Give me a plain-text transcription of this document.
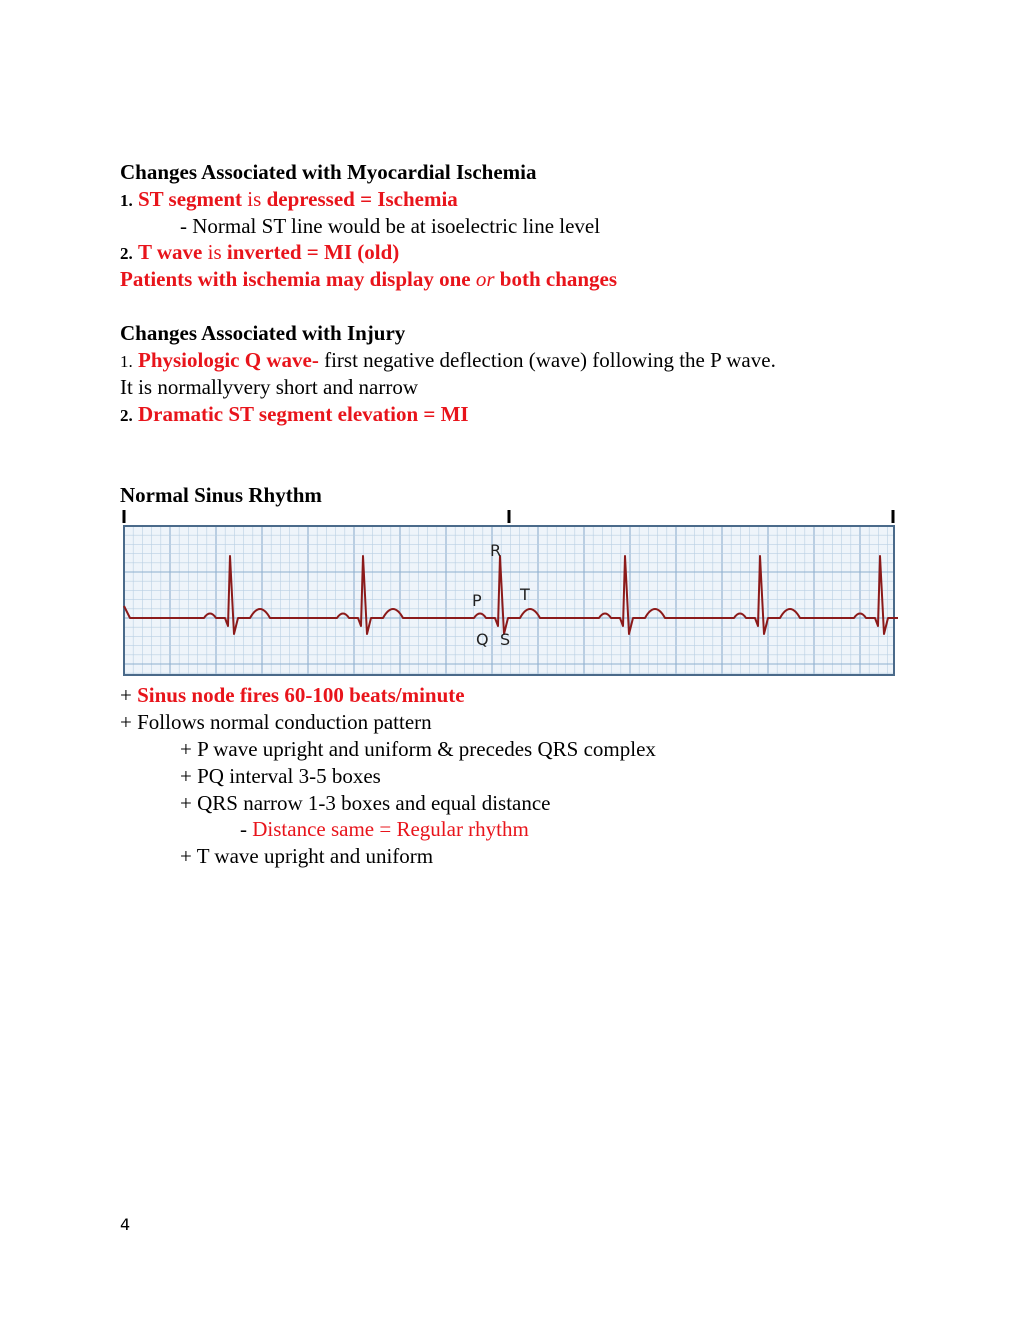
Changes Associated with Myocardial Ischemia
1. ST segment is depressed = Ischemia
- Normal ST line would be at isoelectric line level
2. T wave is inverted = MI (old)
Patients with ischemia may display one or both changes
Changes Associated with Injury
1. Physiologic Q wave- first negative deflection (wave) following the P wave.
It is normallyvery short and narrow
2. Dramatic ST segment elevation = MI
Normal Sinus Rhythm
R
P T
Q S
+ Sinus node fires 60-100 beats/minute
+ Follows normal conduction pattern
+ P wave upright and uniform & precedes QRS complex
+ PQ interval 3-5 boxes
+ QRS narrow 1-3 boxes and equal distance
- Distance same = Regular rhythm
+ T wave upright and uniform
4
